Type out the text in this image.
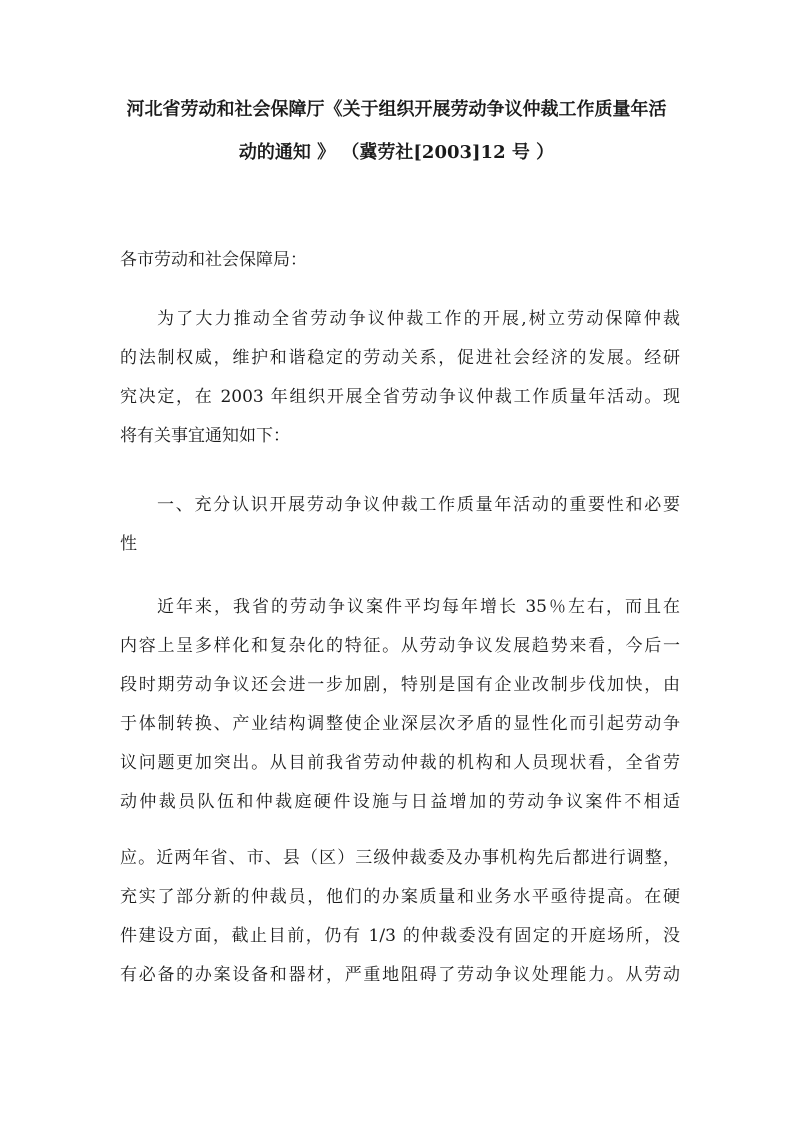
河北省劳动和社会保障厅《关于组织开展劳动争议仲裁工作质量年活
动的通知 》 （冀劳社[2003]12 号 ）
各市劳动和社会保障局：
为了大力推动全省劳动争议仲裁工作的开展,树立劳动保障仲裁
的法制权威，维护和谐稳定的劳动关系，促进社会经济的发展。经研
究决定，在 2003 年组织开展全省劳动争议仲裁工作质量年活动。现
将有关事宜通知如下：
一、充分认识开展劳动争议仲裁工作质量年活动的重要性和必要
性
近年来，我省的劳动争议案件平均每年增长 35％左右，而且在
内容上呈多样化和复杂化的特征。从劳动争议发展趋势来看，今后一
段时期劳动争议还会进一步加剧，特别是国有企业改制步伐加快，由
于体制转换、产业结构调整使企业深层次矛盾的显性化而引起劳动争
议问题更加突出。从目前我省劳动仲裁的机构和人员现状看，全省劳
动仲裁员队伍和仲裁庭硬件设施与日益增加的劳动争议案件不相适
应。近两年省、市、县（区）三级仲裁委及办事机构先后都进行调整，
充实了部分新的仲裁员，他们的办案质量和业务水平亟待提高。在硬
件建设方面，截止目前，仍有 1/3 的仲裁委没有固定的开庭场所，没
有必备的办案设备和器材，严重地阻碍了劳动争议处理能力。从劳动
